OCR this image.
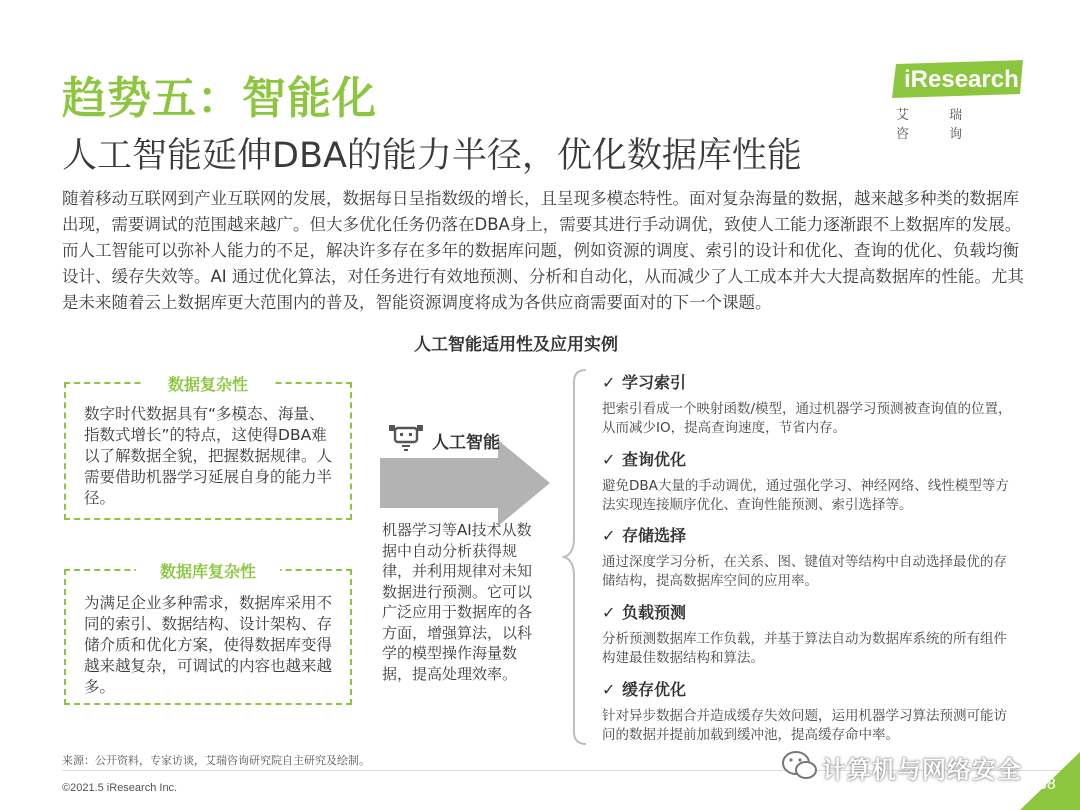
趋势五：智能化
人工智能延伸DBA的能力半径，优化数据库性能
iResearch
艾 瑞 咨 询
随着移动互联网到产业互联网的发展，数据每日呈指数级的增长，且呈现多模态特性。面对复杂海量的数据，越来越多种类的数据库出现，需要调试的范围越来越广。但大多优化任务仍落在DBA身上，需要其进行手动调优，致使人工能力逐渐跟不上数据库的发展。而人工智能可以弥补人能力的不足，解决许多存在多年的数据库问题，例如资源的调度、索引的设计和优化、查询的优化、负载均衡设计、缓存失效等。AI 通过优化算法，对任务进行有效地预测、分析和自动化，从而减少了人工成本并大大提高数据库的性能。尤其是未来随着云上数据库更大范围内的普及，智能资源调度将成为各供应商需要面对的下一个课题。
人工智能适用性及应用实例
数据复杂性
数字时代数据具有“多模态、海量、指数式增长”的特点，这使得DBA难以了解数据全貌，把握数据规律。人需要借助机器学习延展自身的能力半径。
数据库复杂性
为满足企业多种需求，数据库采用不同的索引、数据结构、设计架构、存储介质和优化方案，使得数据库变得越来越复杂，可调试的内容也越来越多。
人工智能
机器学习等AI技术从数据中自动分析获得规律，并利用规律对未知数据进行预测。它可以广泛应用于数据库的各方面，增强算法，以科学的模型操作海量数据，提高处理效率。
✓ 学习索引
把索引看成一个映射函数/模型，通过机器学习预测被查询值的位置，从而减少IO，提高查询速度，节省内存。
✓ 查询优化
避免DBA大量的手动调优，通过强化学习、神经网络、线性模型等方法实现连接顺序优化、查询性能预测、索引选择等。
✓ 存储选择
通过深度学习分析，在关系、图、键值对等结构中自动选择最优的存储结构，提高数据库空间的应用率。
✓ 负载预测
分析预测数据库工作负载，并基于算法自动为数据库系统的所有组件构建最佳数据结构和算法。
✓ 缓存优化
针对异步数据合并造成缓存失效问题，运用机器学习算法预测可能访问的数据并提前加载到缓冲池，提高缓存命中率。
来源：公开资料，专家访谈，艾瑞咨询研究院自主研究及绘制。
©2021.5 iResearch Inc.
计算机与网络安全
68
